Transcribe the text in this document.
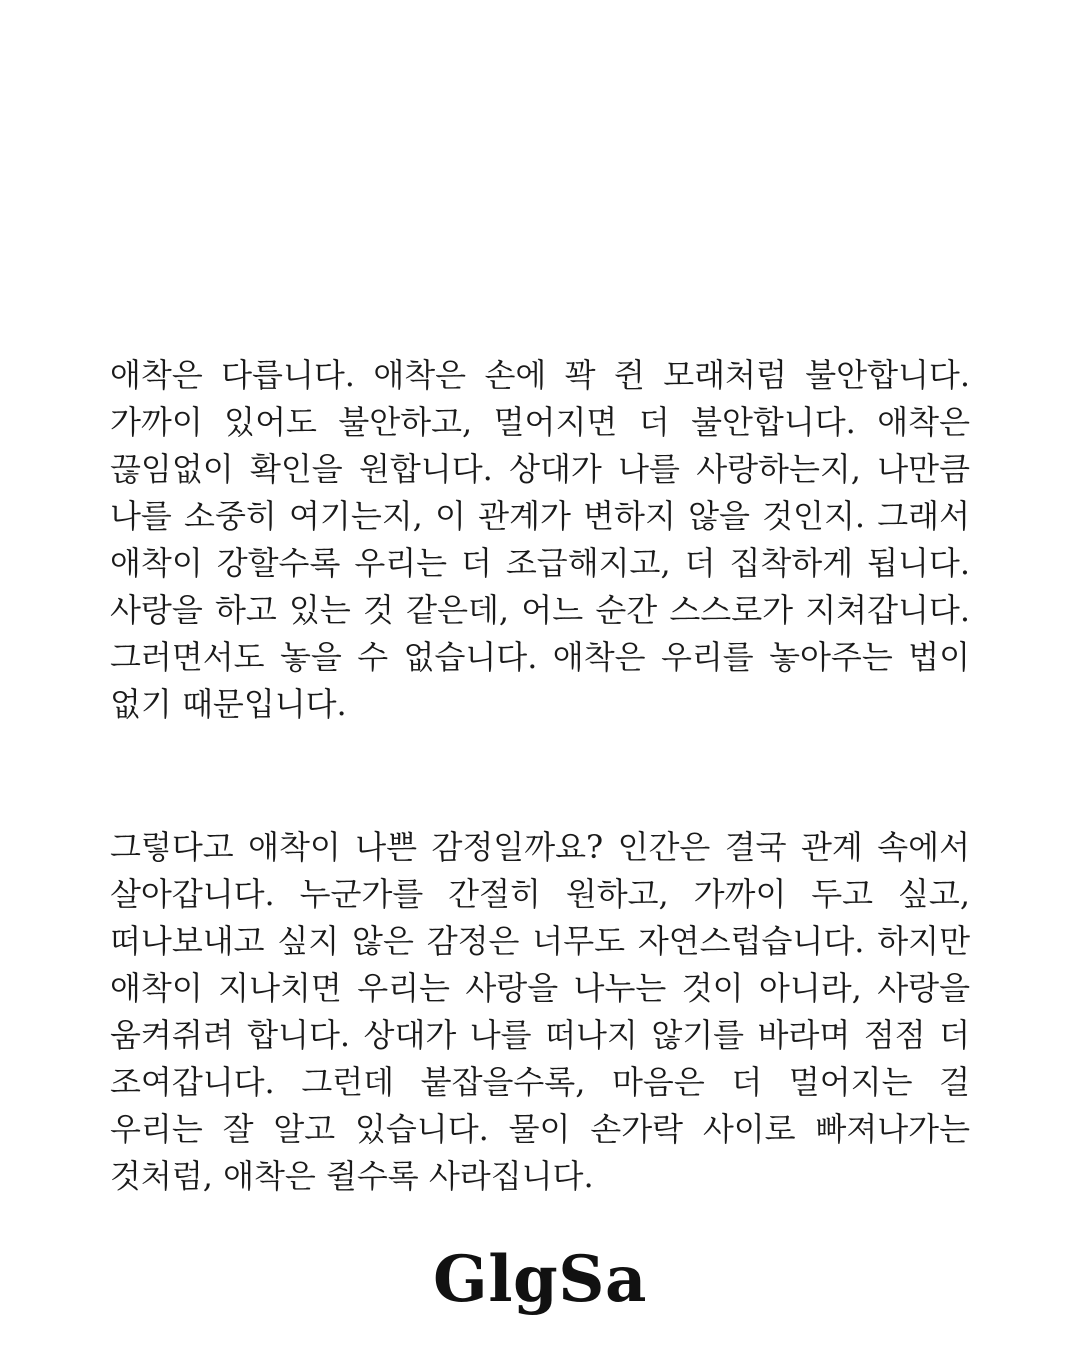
애착은 다릅니다. 애착은 손에 꽉 쥔 모래처럼 불안합니다. 가까이 있어도 불안하고, 멀어지면 더 불안합니다. 애착은 끊임없이 확인을 원합니다. 상대가 나를 사랑하는지, 나만큼 나를 소중히 여기는지, 이 관계가 변하지 않을 것인지. 그래서 애착이 강할수록 우리는 더 조급해지고, 더 집착하게 됩니다. 사랑을 하고 있는 것 같은데, 어느 순간 스스로가 지쳐갑니다. 그러면서도 놓을 수 없습니다. 애착은 우리를 놓아주는 법이 없기 때문입니다.

그렇다고 애착이 나쁜 감정일까요? 인간은 결국 관계 속에서 살아갑니다. 누군가를 간절히 원하고, 가까이 두고 싶고, 떠나보내고 싶지 않은 감정은 너무도 자연스럽습니다. 하지만 애착이 지나치면 우리는 사랑을 나누는 것이 아니라, 사랑을 움켜쥐려 합니다. 상대가 나를 떠나지 않기를 바라며 점점 더 조여갑니다. 그런데 붙잡을수록, 마음은 더 멀어지는 걸 우리는 잘 알고 있습니다. 물이 손가락 사이로 빠져나가는 것처럼, 애착은 쥘수록 사라집니다.

GlgSa
